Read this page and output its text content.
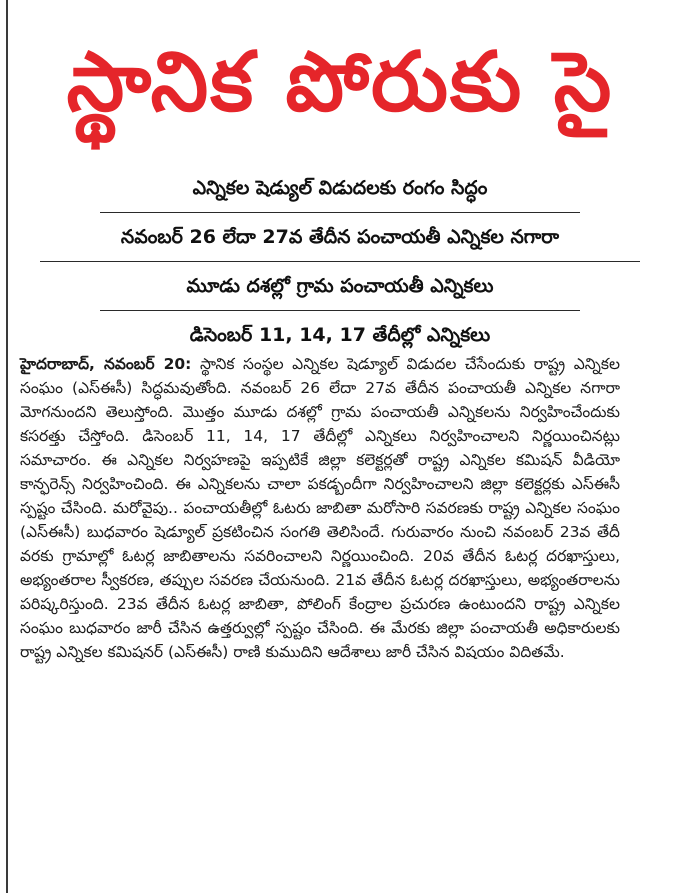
స్థానిక పోరుకు సై
ఎన్నికల షెడ్యుల్ విడుదలకు రంగం సిద్ధం
నవంబర్ 26 లేదా 27వ తేదీన పంచాయతీ ఎన్నికల నగారా
మూడు దశల్లో గ్రామ పంచాయతీ ఎన్నికలు
డిసెంబర్ 11, 14, 17 తేదీల్లో ఎన్నికలు

హైదరాబాద్, నవంబర్ 20: స్థానిక సంస్థల ఎన్నికల షెడ్యూల్ విడుదల చేసేందుకు రాష్ట్ర ఎన్నికల సంఘం (ఎస్ఈసీ) సిద్ధమవుతోంది. నవంబర్ 26 లేదా 27వ తేదీన పంచాయతీ ఎన్నికల నగారా మోగనుందని తెలుస్తోంది. మొత్తం మూడు దశల్లో గ్రామ పంచాయతీ ఎన్నికలను నిర్వహించేందుకు కసరత్తు చేస్తోంది. డిసెంబర్ 11, 14, 17 తేదీల్లో ఎన్నికలు నిర్వహించాలని నిర్ణయించినట్లు సమాచారం. ఈ ఎన్నికల నిర్వహణపై ఇప్పటికే జిల్లా కలెక్టర్లతో రాష్ట్ర ఎన్నికల కమిషన్ వీడియో కాన్ఫరెన్స్ నిర్వహించింది. ఈ ఎన్నికలను చాలా పకడ్బందీగా నిర్వహించాలని జిల్లా కలెక్టర్లకు ఎస్ఈసీ స్పష్టం చేసింది. మరోవైపు.. పంచాయతీల్లో ఓటరు జాబితా మరోసారి సవరణకు రాష్ట్ర ఎన్నికల సంఘం (ఎస్ఈసీ) బుధవారం షెడ్యూల్ ప్రకటించిన సంగతి తెలిసిందే. గురువారం నుంచి నవంబర్ 23వ తేదీ వరకు గ్రామాల్లో ఓటర్ల జాబితాలను సవరించాలని నిర్ణయించింది. 20వ తేదీన ఓటర్ల దరఖాస్తులు, అభ్యంతరాల స్వీకరణ, తప్పుల సవరణ చేయనుంది. 21వ తేదీన ఓటర్ల దరఖాస్తులు, అభ్యంతరాలను పరిష్కరిస్తుంది. 23వ తేదీన ఓటర్ల జాబితా, పోలింగ్ కేంద్రాల ప్రచురణ ఉంటుందని రాష్ట్ర ఎన్నికల సంఘం బుధవారం జారీ చేసిన ఉత్తర్వుల్లో స్పష్టం చేసింది. ఈ మేరకు జిల్లా పంచాయతీ అధికారులకు రాష్ట్ర ఎన్నికల కమిషనర్ (ఎస్ఈసీ) రాణి కుముదిని ఆదేశాలు జారీ చేసిన విషయం విదితమే.
